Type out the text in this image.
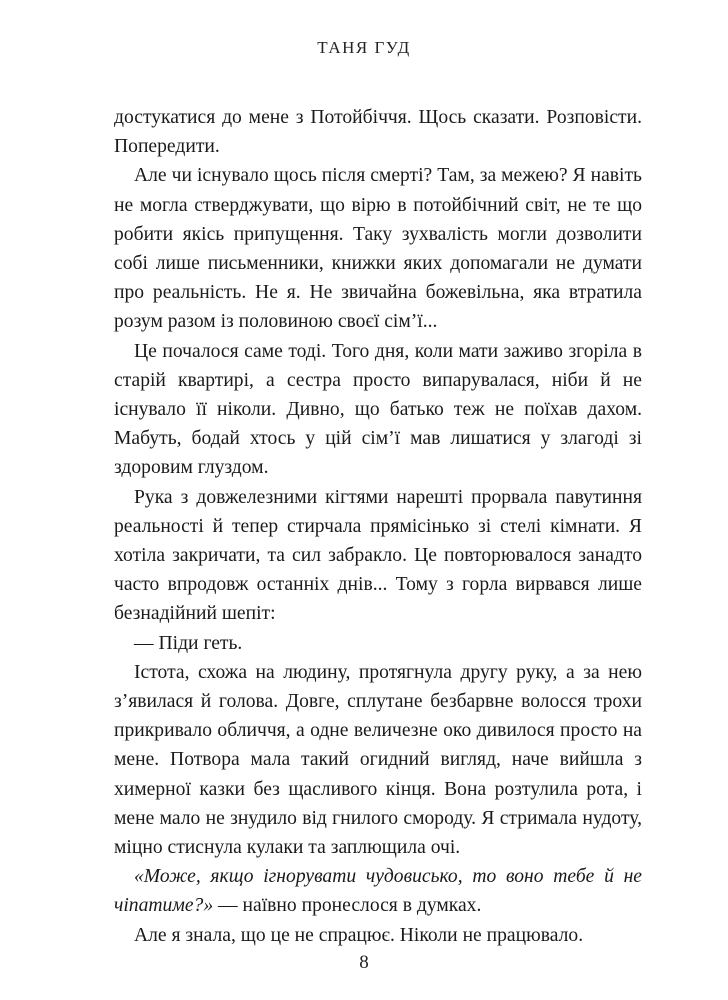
ТАНЯ ГУД

достукатися до мене з Потойбіччя. Щось сказати. Розповісти. Попередити.

Але чи існувало щось після смерті? Там, за межею? Я навіть не могла стверджувати, що вірю в потойбічний світ, не те що робити якісь припущення. Таку зухвалість могли дозволити собі лише письменники, книжки яких допомагали не думати про реальність. Не я. Не звичайна божевільна, яка втратила розум разом із половиною своєї сім’ї...

Це почалося саме тоді. Того дня, коли мати заживо згоріла в старій квартирі, а сестра просто випарувалася, ніби й не існувало її ніколи. Дивно, що батько теж не поїхав дахом. Мабуть, бодай хтось у цій сім’ї мав лишатися у злагоді зі здоровим глуздом.

Рука з довжелезними кігтями нарешті прорвала павутиння реальності й тепер стирчала прямісінько зі стелі кімнати. Я хотіла закричати, та сил забракло. Це повторювалося занадто часто впродовж останніх днів... Тому з горла вирвався лише безнадійний шепіт:

— Піди геть.

Істота, схожа на людину, протягнула другу руку, а за нею з’явилася й голова. Довге, сплутане безбарвне волосся трохи прикривало обличчя, а одне величезне око дивилося просто на мене. Потвора мала такий огидний вигляд, наче вийшла з химерної казки без щасливого кінця. Вона розтулила рота, і мене мало не знудило від гнилого смороду. Я стримала нудоту, міцно стиснула кулаки та заплющила очі.

«Може, якщо ігнорувати чудовисько, то воно тебе й не чіпатиме?» — наївно пронеслося в думках.

Але я знала, що це не спрацює. Ніколи не працювало.

8
